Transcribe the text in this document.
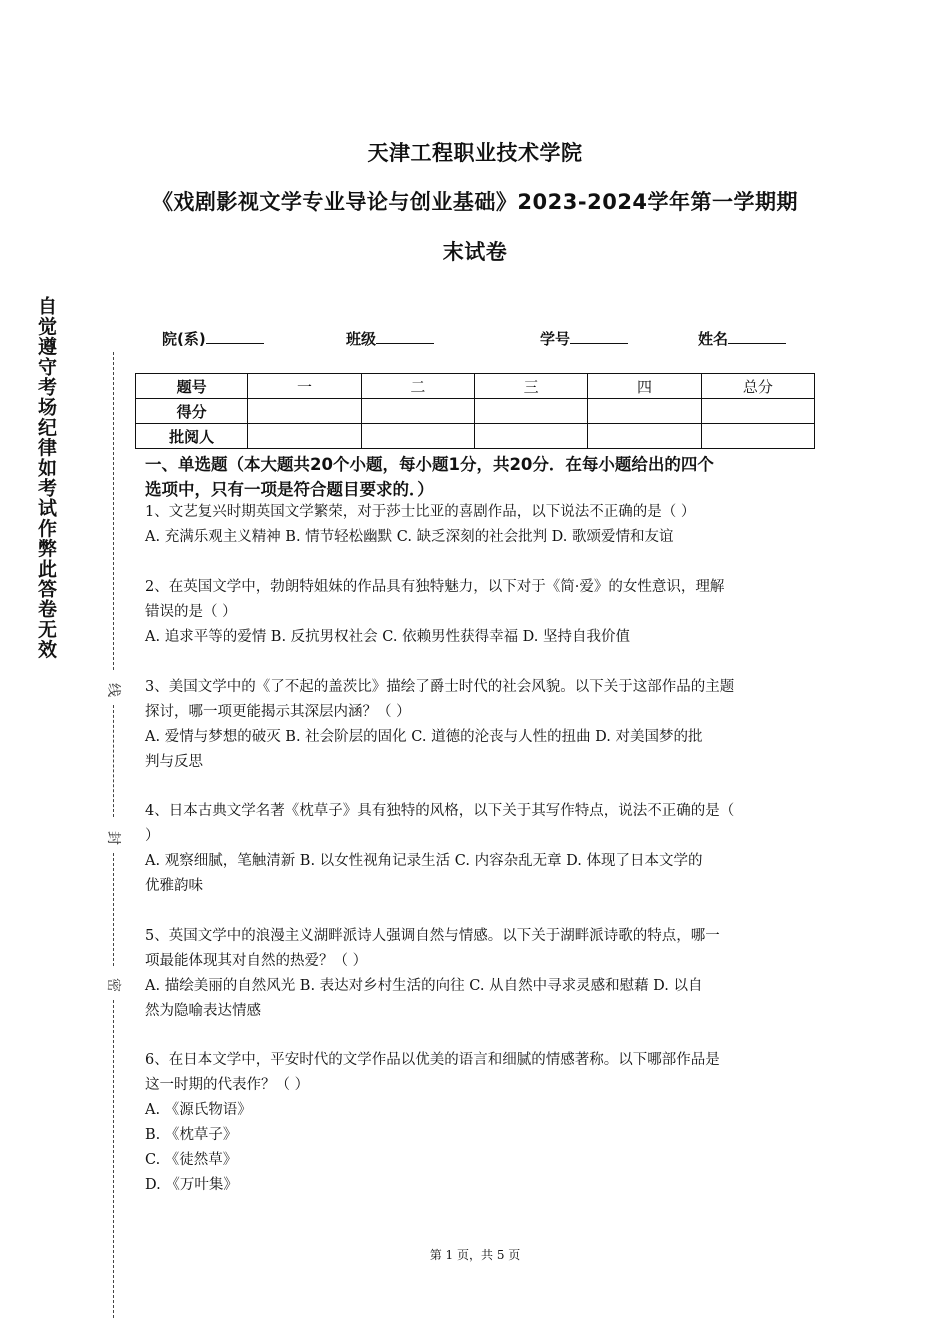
天津工程职业技术学院
《戏剧影视文学专业导论与创业基础》2023-2024学年第一学期期
末试卷
自觉遵守考场纪律如考试作弊此答卷无效
线
封
密
院(系)	班级	学号	姓名
题号	一	二	三	四	总分
得分					
批阅人					
一、单选题（本大题共20个小题，每小题1分，共20分．在每小题给出的四个
选项中，只有一项是符合题目要求的．）
1、文艺复兴时期英国文学繁荣，对于莎士比亚的喜剧作品，以下说法不正确的是（ ）
A. 充满乐观主义精神 B. 情节轻松幽默 C. 缺乏深刻的社会批判 D. 歌颂爱情和友谊
2、在英国文学中，勃朗特姐妹的作品具有独特魅力，以下对于《简·爱》的女性意识，理解
错误的是（ ）
A. 追求平等的爱情 B. 反抗男权社会 C. 依赖男性获得幸福 D. 坚持自我价值
3、美国文学中的《了不起的盖茨比》描绘了爵士时代的社会风貌。以下关于这部作品的主题
探讨，哪一项更能揭示其深层内涵？（ ）
A. 爱情与梦想的破灭 B. 社会阶层的固化 C. 道德的沦丧与人性的扭曲 D. 对美国梦的批
判与反思
4、日本古典文学名著《枕草子》具有独特的风格，以下关于其写作特点，说法不正确的是（
）
A. 观察细腻，笔触清新 B. 以女性视角记录生活 C. 内容杂乱无章 D. 体现了日本文学的
优雅韵味
5、英国文学中的浪漫主义湖畔派诗人强调自然与情感。以下关于湖畔派诗歌的特点，哪一
项最能体现其对自然的热爱？（ ）
A. 描绘美丽的自然风光 B. 表达对乡村生活的向往 C. 从自然中寻求灵感和慰藉 D. 以自
然为隐喻表达情感
6、在日本文学中，平安时代的文学作品以优美的语言和细腻的情感著称。以下哪部作品是
这一时期的代表作？（ ）
A. 《源氏物语》
B. 《枕草子》
C. 《徒然草》
D. 《万叶集》
第 1 页，共 5 页
